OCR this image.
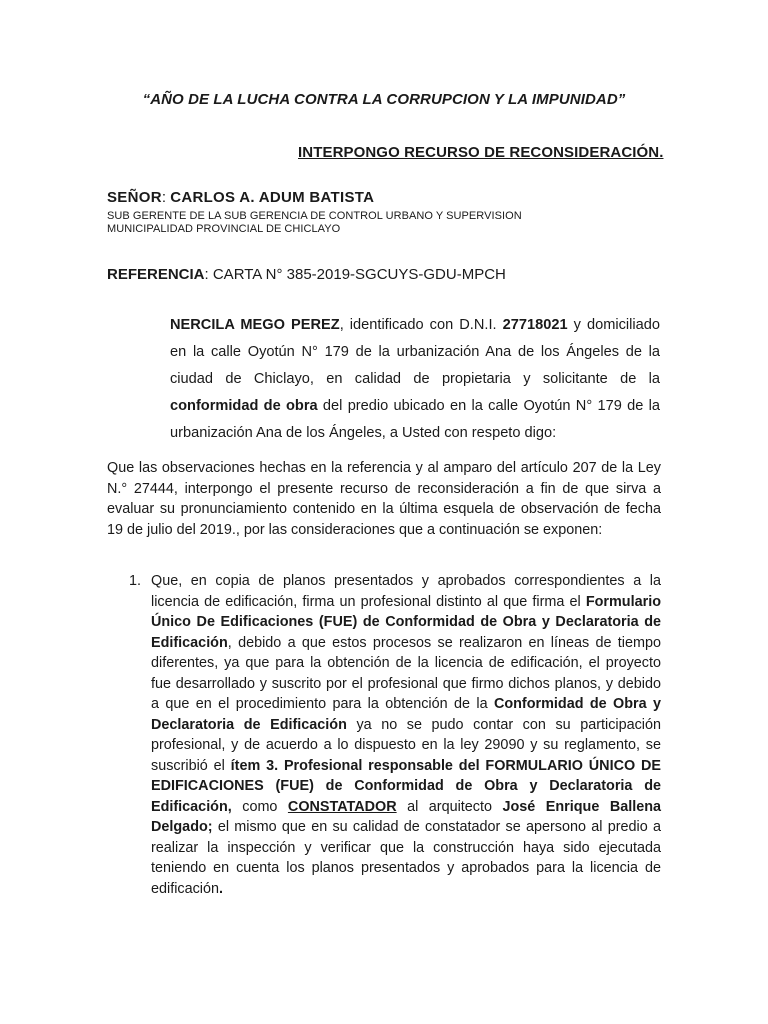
“AÑO DE LA LUCHA CONTRA LA CORRUPCION Y LA IMPUNIDAD”
INTERPONGO RECURSO DE RECONSIDERACIÓN.
SEÑOR: CARLOS A. ADUM BATISTA
SUB GERENTE DE LA SUB GERENCIA DE CONTROL URBANO Y SUPERVISION
MUNICIPALIDAD PROVINCIAL DE CHICLAYO
REFERENCIA: CARTA N° 385-2019-SGCUYS-GDU-MPCH
NERCILA MEGO PEREZ, identificado con D.N.I. 27718021 y domiciliado en la calle Oyotún N° 179 de la urbanización Ana de los Ángeles de la ciudad de Chiclayo, en calidad de propietaria y solicitante de la conformidad de obra del predio ubicado en la calle Oyotún N° 179 de la urbanización Ana de los Ángeles, a Usted con respeto digo:
Que las observaciones hechas en la referencia y al amparo del artículo 207 de la Ley N.° 27444, interpongo el presente recurso de reconsideración a fin de que sirva a evaluar su pronunciamiento contenido en la última esquela de observación de fecha 19 de julio del 2019., por las consideraciones que a continuación se exponen:
1. Que, en copia de planos presentados y aprobados correspondientes a la licencia de edificación, firma un profesional distinto al que firma el Formulario Único De Edificaciones (FUE) de Conformidad de Obra y Declaratoria de Edificación, debido a que estos procesos se realizaron en líneas de tiempo diferentes, ya que para la obtención de la licencia de edificación, el proyecto fue desarrollado y suscrito por el profesional que firmo dichos planos, y debido a que en el procedimiento para la obtención de la Conformidad de Obra y Declaratoria de Edificación ya no se pudo contar con su participación profesional, y de acuerdo a lo dispuesto en la ley 29090 y su reglamento, se suscribió el ítem 3. Profesional responsable del FORMULARIO ÚNICO DE EDIFICACIONES (FUE) de Conformidad de Obra y Declaratoria de Edificación, como CONSTATADOR al arquitecto José Enrique Ballena Delgado; el mismo que en su calidad de constatador se apersono al predio a realizar la inspección y verificar que la construcción haya sido ejecutada teniendo en cuenta los planos presentados y aprobados para la licencia de edificación.
